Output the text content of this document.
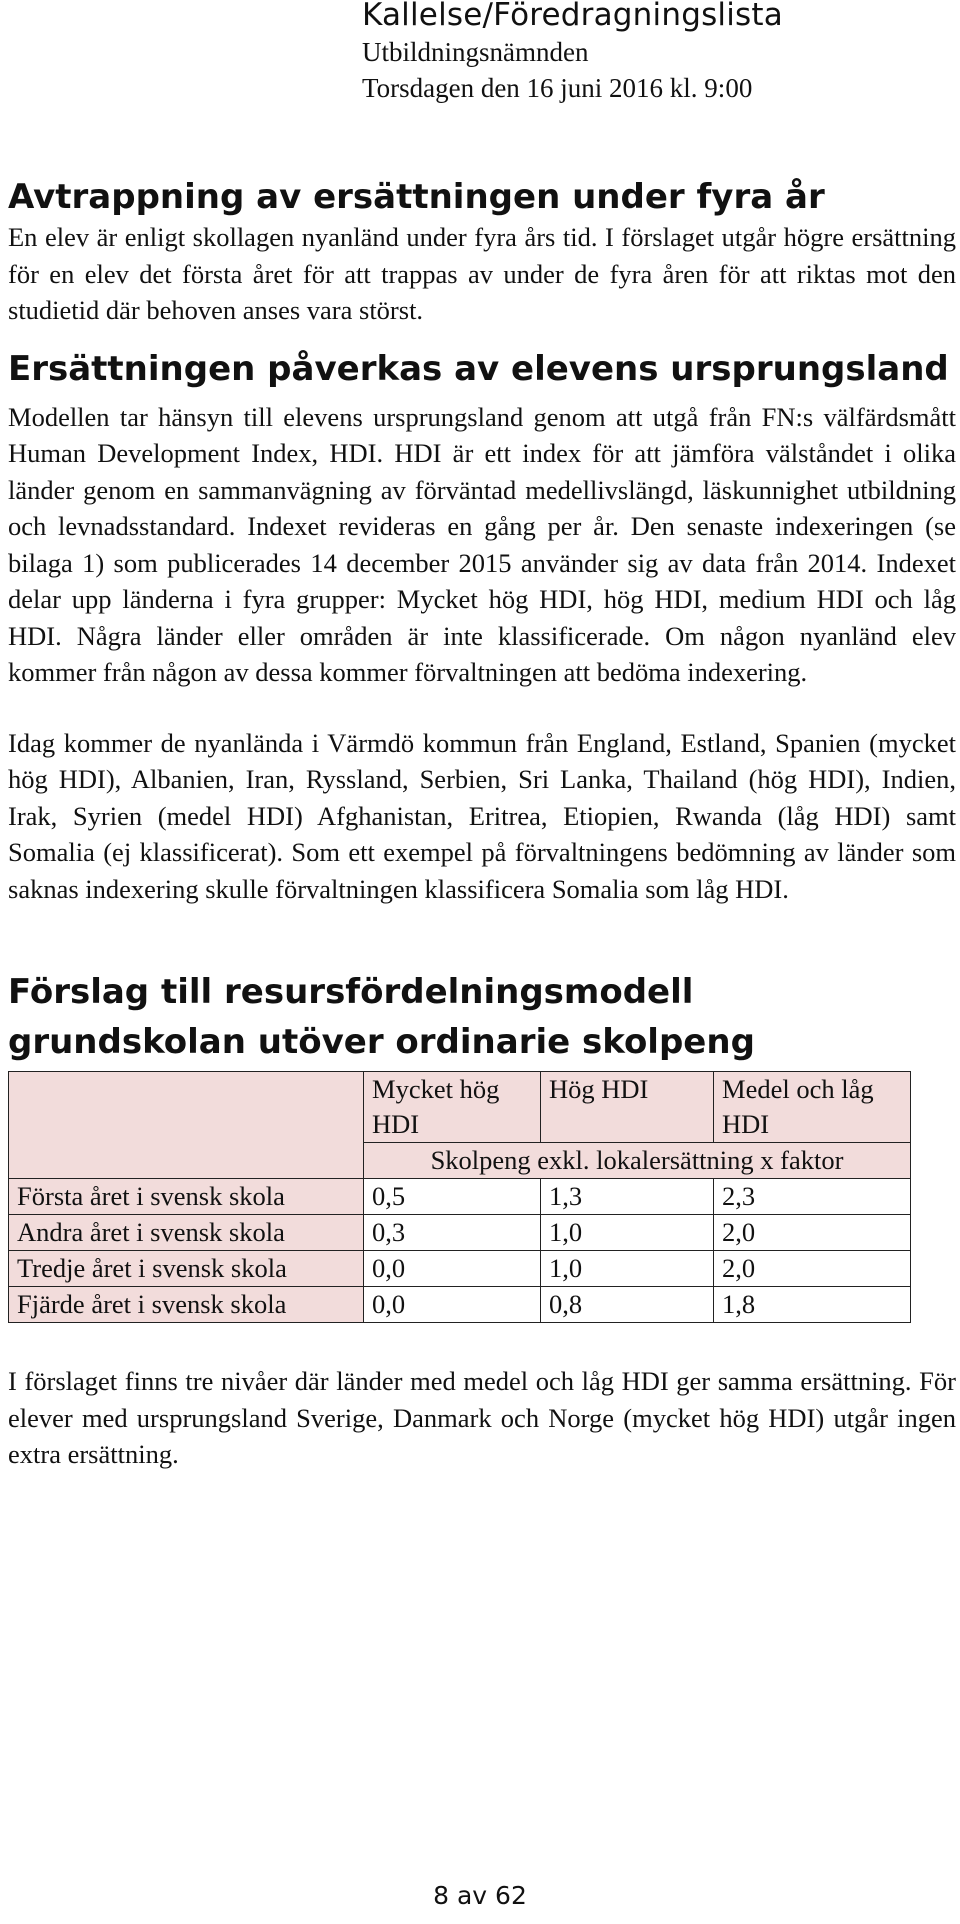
Kallelse/Föredragningslista
Utbildningsnämnden
Torsdagen den 16 juni 2016 kl. 9:00
Avtrappning av ersättningen under fyra år

En elev är enligt skollagen nyanländ under fyra års tid. I förslaget utgår högre ersättning för en elev det första året för att trappas av under de fyra åren för att riktas mot den studietid där behoven anses vara störst.

Ersättningen påverkas av elevens ursprungsland

Modellen tar hänsyn till elevens ursprungsland genom att utgå från FN:s välfärdsmått Human Development Index, HDI. HDI är ett index för att jämföra välståndet i olika länder genom en sammanvägning av förväntad medellivslängd, läskunnighet utbildning och levnadsstandard. Indexet revideras en gång per år. Den senaste indexeringen (se bilaga 1) som publicerades 14 december 2015 använder sig av data från 2014. Indexet delar upp länderna i fyra grupper: Mycket hög HDI, hög HDI, medium HDI och låg HDI. Några länder eller områden är inte klassificerade. Om någon nyanländ elev kommer från någon av dessa kommer förvaltningen att bedöma indexering.

Idag kommer de nyanlända i Värmdö kommun från England, Estland, Spanien (mycket hög HDI), Albanien, Iran, Ryssland, Serbien, Sri Lanka, Thailand (hög HDI), Indien, Irak, Syrien (medel HDI) Afghanistan, Eritrea, Etiopien, Rwanda (låg HDI) samt Somalia (ej klassificerat). Som ett exempel på förvaltningens bedömning av länder som saknas indexering skulle förvaltningen klassificera Somalia som låg HDI.

Förslag till resursfördelningsmodell grundskolan utöver ordinarie skolpeng
	Mycket hög HDI	Hög HDI	Medel och låg HDI
	Skolpeng exkl. lokalersättning x faktor		
Första året i svensk skola	0,5	1,3	2,3
Andra året i svensk skola	0,3	1,0	2,0
Tredje året i svensk skola	0,0	1,0	2,0
Fjärde året i svensk skola	0,0	0,8	1,8

I förslaget finns tre nivåer där länder med medel och låg HDI ger samma ersättning. För elever med ursprungsland Sverige, Danmark och Norge (mycket hög HDI) utgår ingen extra ersättning.

8 av 62
